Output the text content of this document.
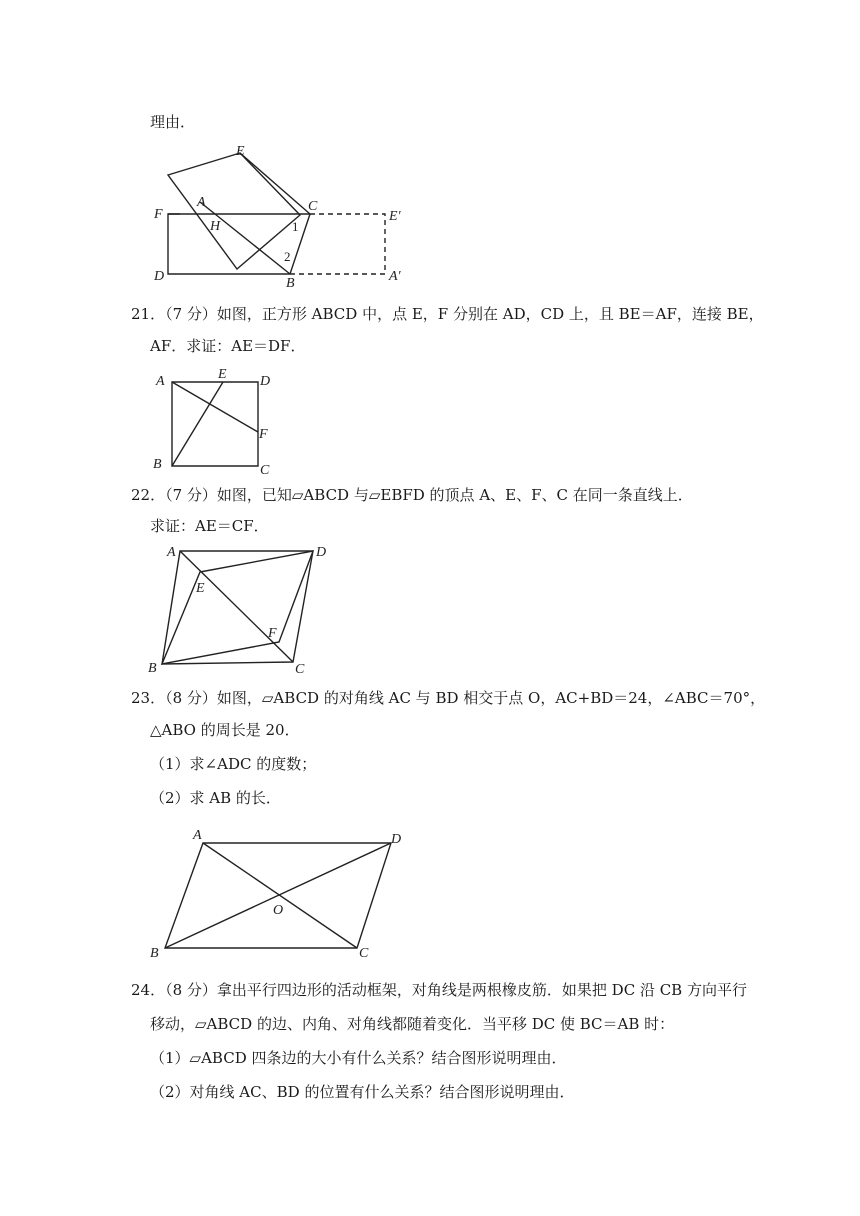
理由．
E
A	C
E′
F
H	1
2
D	B	A′
21．（7 分）如图，正方形 ABCD 中，点 E，F 分别在 AD，CD 上，且 BE＝AF，连接 BE，
AF．求证：AE＝DF．
A	E D
F
B	C
22．（7 分）如图，已知▱ABCD 与▱EBFD 的顶点 A、E、F、C 在同一条直线上．
求证：AE＝CF．
A	D
E
F
B	C
23．（8 分）如图，▱ABCD 的对角线 AC 与 BD 相交于点 O，AC+BD＝24，∠ABC＝70°，
△ABO 的周长是 20．
（1）求∠ADC 的度数；
（2）求 AB 的长．
A	D
O
B	C
24．（8 分）拿出平行四边形的活动框架，对角线是两根橡皮筋．如果把 DC 沿 CB 方向平行
移动，▱ABCD 的边、内角、对角线都随着变化．当平移 DC 使 BC＝AB 时：
（1）▱ABCD 四条边的大小有什么关系？结合图形说明理由．
（2）对角线 AC、BD 的位置有什么关系？结合图形说明理由．
